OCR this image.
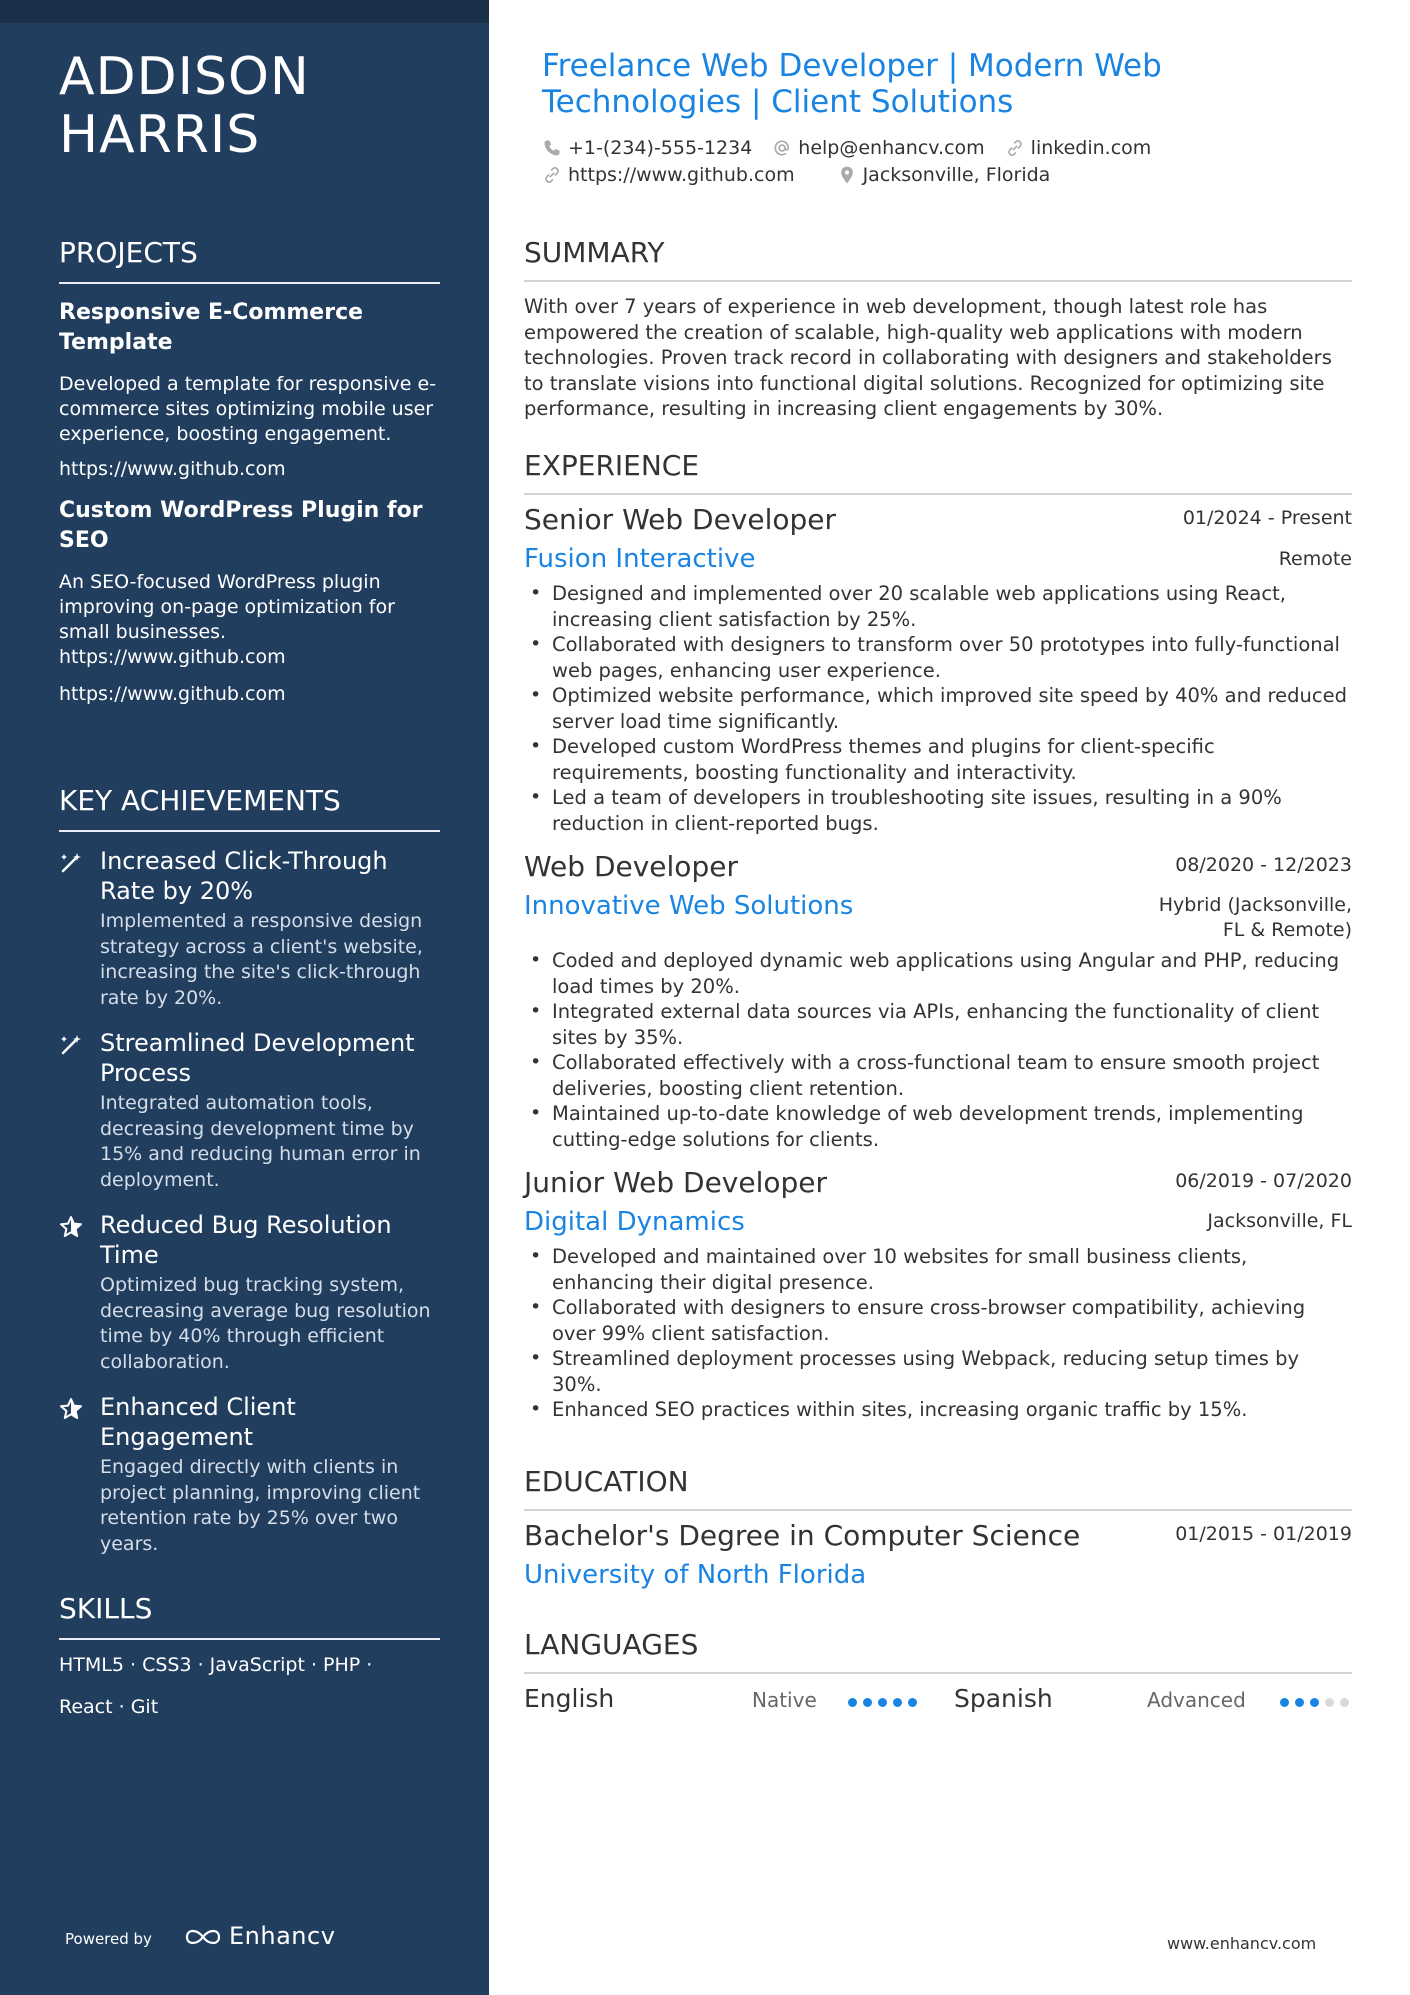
ADDISON
HARRIS
PROJECTS
Responsive E-Commerce Template
Developed a template for responsive e-commerce sites optimizing mobile user experience, boosting engagement.
https://www.github.com
Custom WordPress Plugin for SEO
An SEO-focused WordPress plugin improving on-page optimization for small businesses.
https://www.github.com
https://www.github.com
KEY ACHIEVEMENTS
Increased Click-Through Rate by 20%
Implemented a responsive design strategy across a client's website, increasing the site's click-through rate by 20%.
Streamlined Development Process
Integrated automation tools, decreasing development time by 15% and reducing human error in deployment.
Reduced Bug Resolution Time
Optimized bug tracking system, decreasing average bug resolution time by 40% through efficient collaboration.
Enhanced Client Engagement
Engaged directly with clients in project planning, improving client retention rate by 25% over two years.
SKILLS
HTML5 · CSS3 · JavaScript · PHP ·
React · Git
Powered by	Enhancv
Freelance Web Developer | Modern Web Technologies | Client Solutions
+1-(234)-555-1234 help@enhancv.com linkedin.com
https://www.github.com	Jacksonville, Florida
SUMMARY
With over 7 years of experience in web development, though latest role has empowered the creation of scalable, high-quality web applications with modern technologies. Proven track record in collaborating with designers and stakeholders to translate visions into functional digital solutions. Recognized for optimizing site performance, resulting in increasing client engagements by 30%.
EXPERIENCE
Senior Web Developer	01/2024 - Present
Fusion Interactive	Remote
• Designed and implemented over 20 scalable web applications using React, increasing client satisfaction by 25%.
• Collaborated with designers to transform over 50 prototypes into fully-functional web pages, enhancing user experience.
• Optimized website performance, which improved site speed by 40% and reduced server load time significantly.
• Developed custom WordPress themes and plugins for client-specific requirements, boosting functionality and interactivity.
• Led a team of developers in troubleshooting site issues, resulting in a 90% reduction in client-reported bugs.
Web Developer	08/2020 - 12/2023
Innovative Web Solutions	Hybrid (Jacksonville,
FL & Remote)
• Coded and deployed dynamic web applications using Angular and PHP, reducing load times by 20%.
• Integrated external data sources via APIs, enhancing the functionality of client sites by 35%.
• Collaborated effectively with a cross-functional team to ensure smooth project deliveries, boosting client retention.
• Maintained up-to-date knowledge of web development trends, implementing cutting-edge solutions for clients.
Junior Web Developer	06/2019 - 07/2020
Digital Dynamics	Jacksonville, FL
• Developed and maintained over 10 websites for small business clients, enhancing their digital presence.
• Collaborated with designers to ensure cross-browser compatibility, achieving over 99% client satisfaction.
• Streamlined deployment processes using Webpack, reducing setup times by 30%.
• Enhanced SEO practices within sites, increasing organic traffic by 15%.
EDUCATION
Bachelor's Degree in Computer Science	01/2015 - 01/2019
University of North Florida
LANGUAGES
English	Native	Spanish	Advanced
www.enhancv.com
